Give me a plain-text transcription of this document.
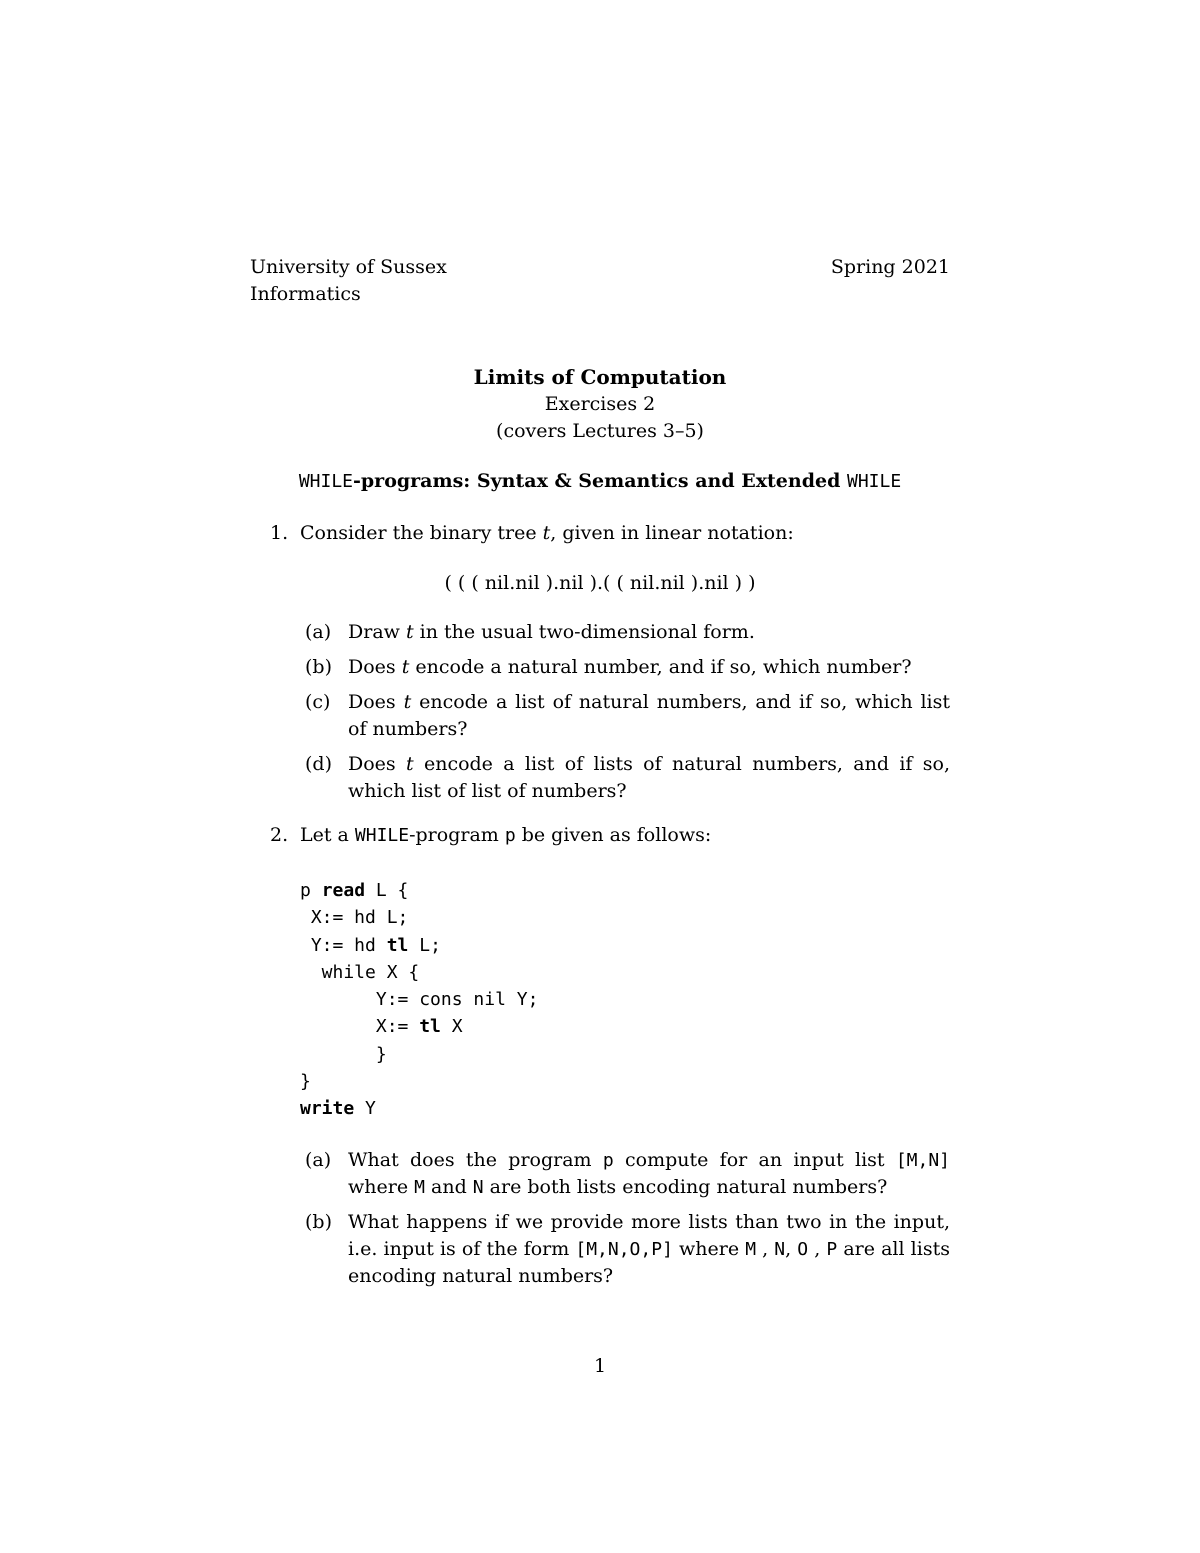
University of Sussex
Informatics
Spring 2021
Limits of Computation
Exercises 2
(covers Lectures 3–5)
WHILE-programs: Syntax & Semantics and Extended WHILE
1. Consider the binary tree t, given in linear notation:
( ( ( nil.nil ).nil ).( ( nil.nil ).nil ) )
(a) Draw t in the usual two-dimensional form.
(b) Does t encode a natural number, and if so, which number?
(c) Does t encode a list of natural numbers, and if so, which list of numbers?
(d) Does t encode a list of lists of natural numbers, and if so, which list of list of numbers?
2. Let a WHILE-program p be given as follows:
p read L {
X:= hd L;
Y:= hd tl L;
while X {
Y:= cons nil Y;
X:= tl X
}
}
write Y
(a) What does the program p compute for an input list [M,N] where M and N are both lists encoding natural numbers?
(b) What happens if we provide more lists than two in the input, i.e. input is of the form [M,N,O,P] where M , N, O , P are all lists encoding natural numbers?
1
